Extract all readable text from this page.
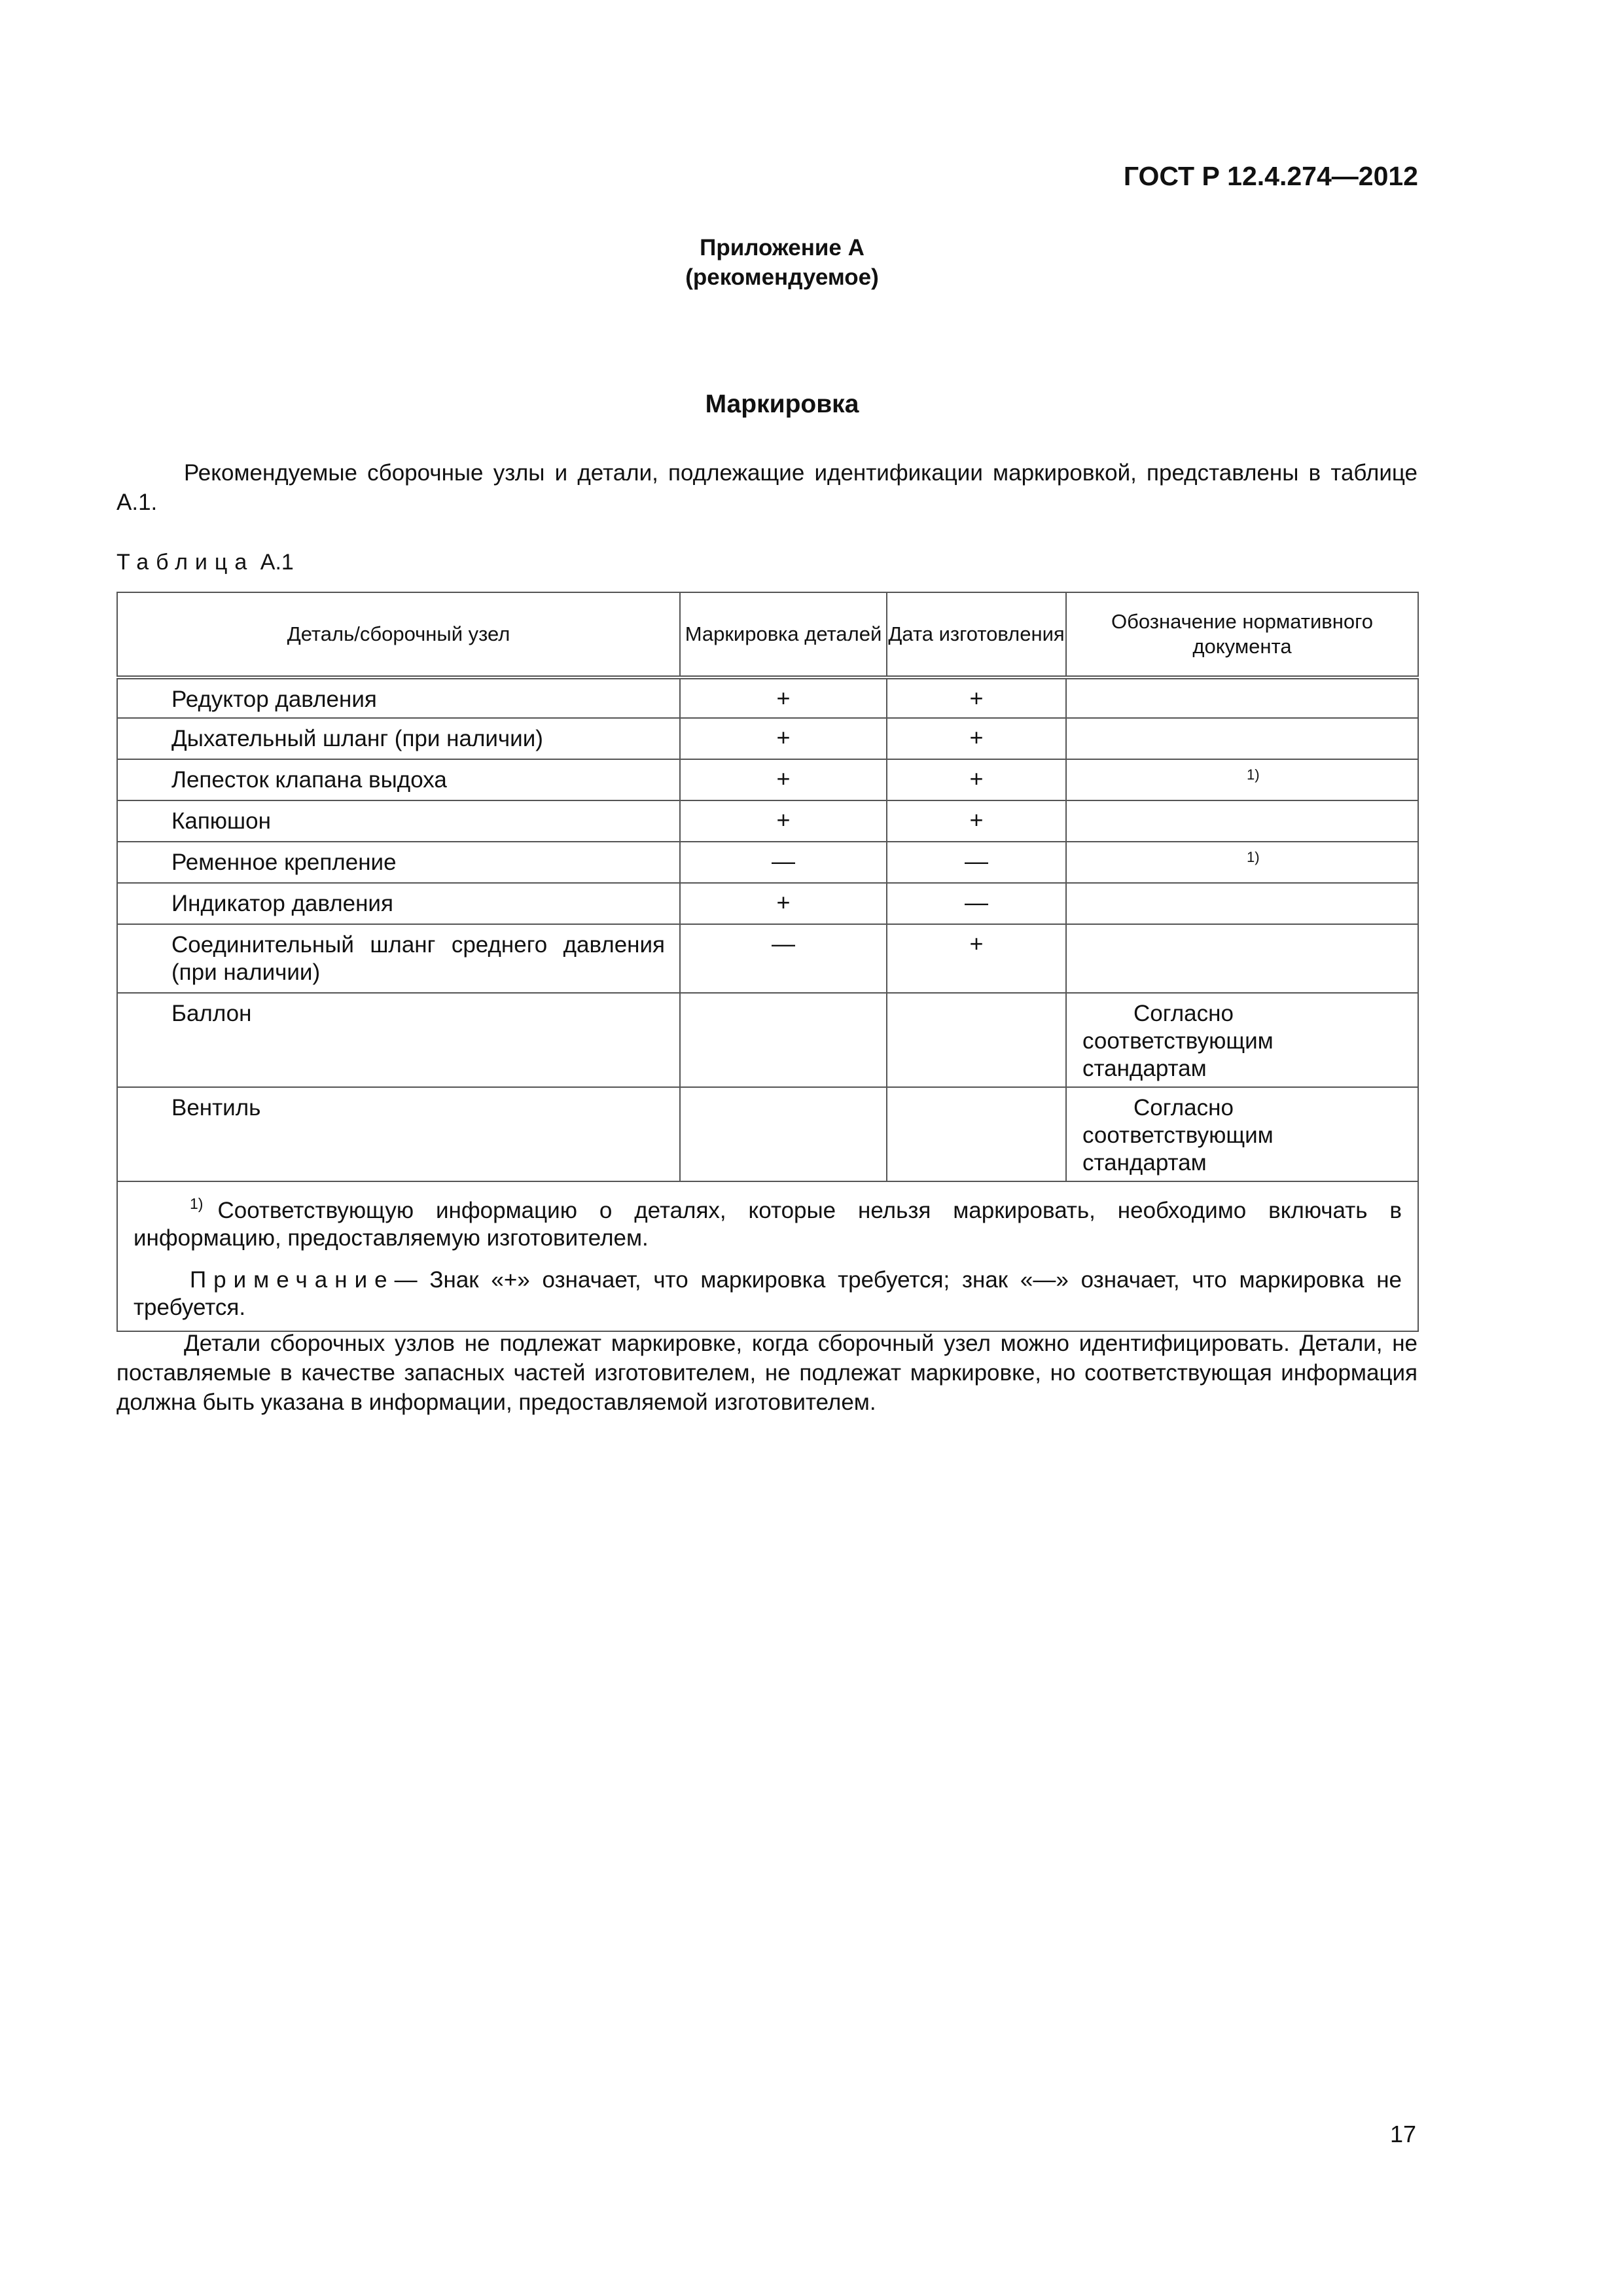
ГОСТ Р 12.4.274—2012
Приложение А
(рекомендуемое)
Маркировка
Рекомендуемые сборочные узлы и детали, подлежащие идентификации маркировкой, представлены в таблице А.1.
Таблица А.1
Деталь/сборочный узел	Маркировка деталей	Дата изготовления	Обозначение нормативного документа
Редуктор давления	+	+	
Дыхательный шланг (при наличии)	+	+	
Лепесток клапана выдоха	+	+	1)

Капюшон	+	+	
Ременное крепление	—	—	1)

Индикатор давления	+	—	

Соединительный шланг среднего давления (при наличии)	—	+	
Баллон			Согласно соответствующим стандартам

Вентиль			Согласно соответствующим стандартам

$^{1)}$ Соответствующую информацию о деталях, которые нельзя маркировать, необходимо включать в информацию, предоставляемую изготовителем.
Примечание— Знак «+» означает, что маркировка требуется; знак «—» означает, что маркировка не требуется.			
Детали сборочных узлов не подлежат маркировке, когда сборочный узел можно идентифицировать. Детали, не поставляемые в качестве запасных частей изготовителем, не подлежат маркировке, но соответствующая информация должна быть указана в информации, предоставляемой изготовителем.
17
